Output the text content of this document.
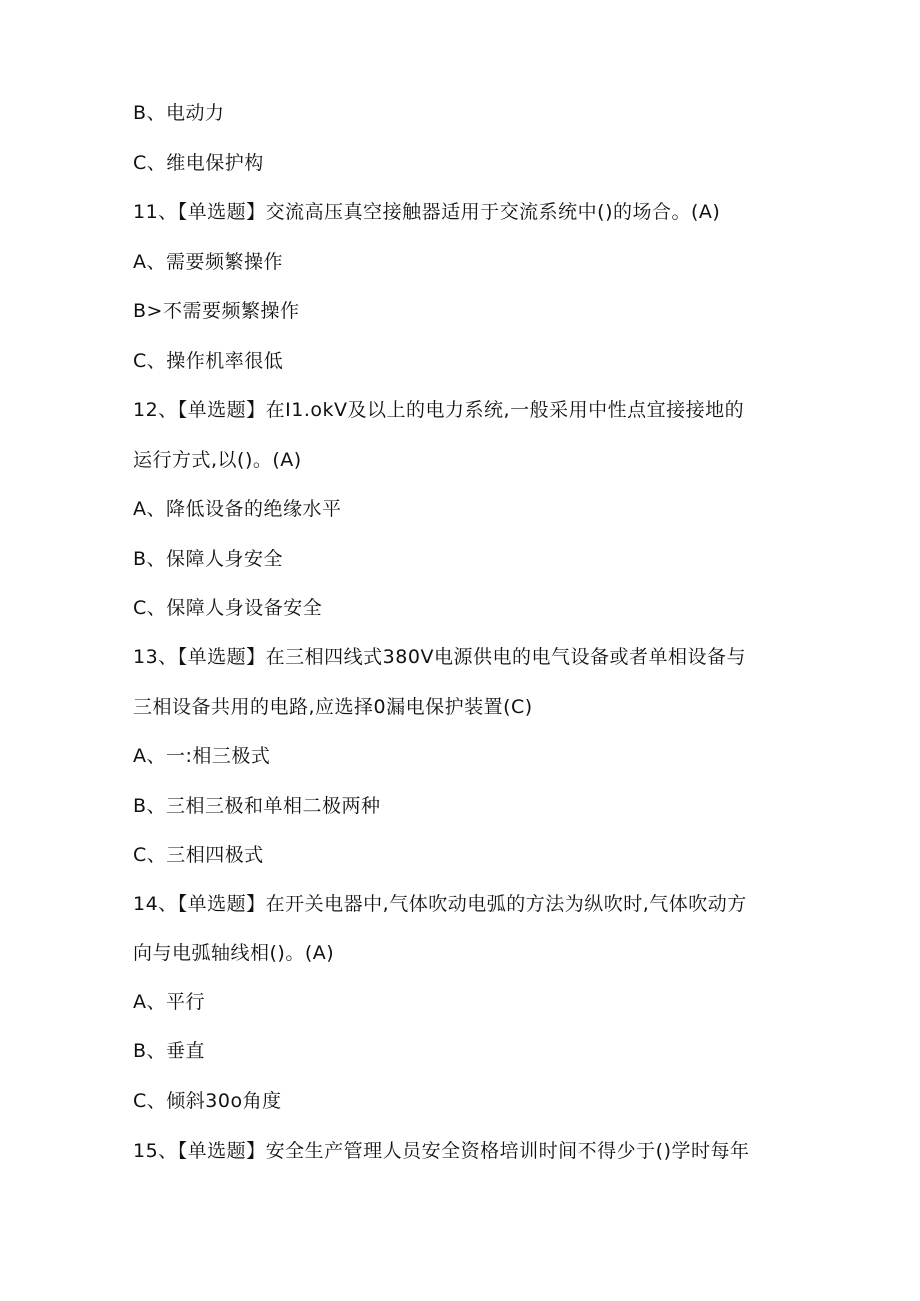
B、电动力
C、维电保护构
11、【单选题】交流高压真空接触器适用于交流系统中()的场合。(A)
A、需要频繁操作
B>不需要频繁操作
C、操作机率很低
12、【单选题】在I1.okV及以上的电力系统,一般采用中性点宜接接地的
运行方式,以()。(A)
A、降低设备的绝缘水平
B、保障人身安全
C、保障人身设备安全
13、【单选题】在三相四线式380V电源供电的电气设备或者单相设备与
三相设备共用的电路,应选择0漏电保护装置(C)
A、一:相三极式
B、三相三极和单相二极两种
C、三相四极式
14、【单选题】在开关电器中,气体吹动电弧的方法为纵吹时,气体吹动方
向与电弧轴线相()。(A)
A、平行
B、垂直
C、倾斜30o角度
15、【单选题】安全生产管理人员安全资格培训时间不得少于()学时每年
